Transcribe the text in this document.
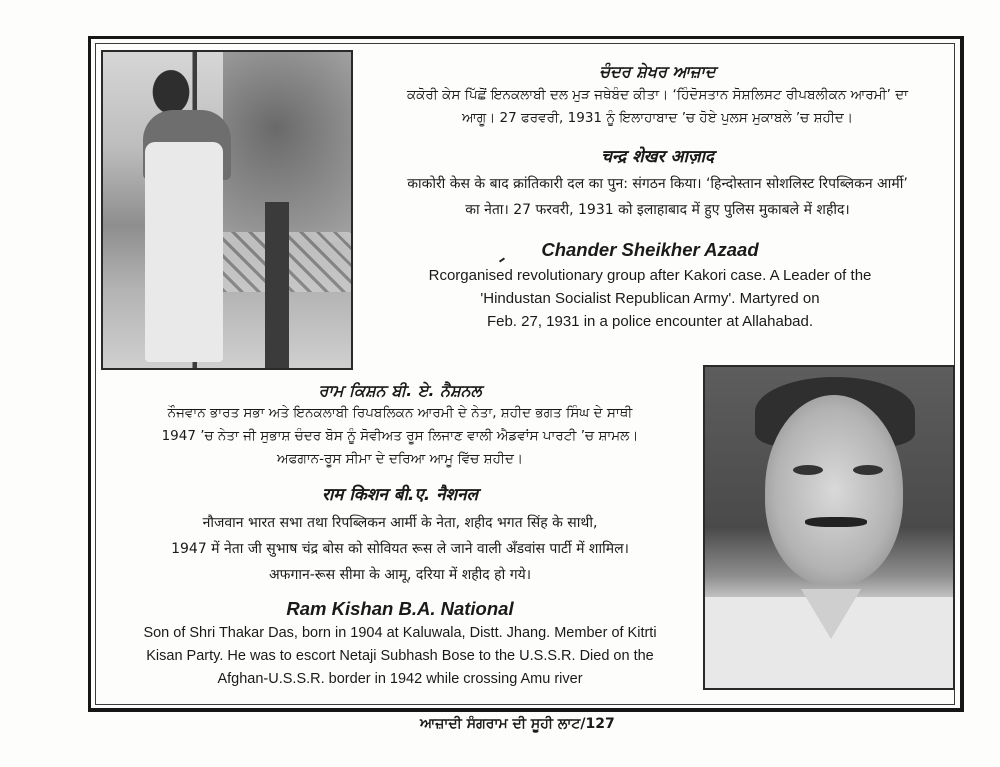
ਚੰਦਰ ਸ਼ੇਖਰ ਆਜ਼ਾਦ
ਕਕੋਰੀ ਕੇਸ ਪਿੱਛੋਂ ਇਨਕਲਾਬੀ ਦਲ ਮੁੜ ਜਥੇਬੰਦ ਕੀਤਾ। ‘ਹਿੰਦੋਸਤਾਨ ਸੋਸ਼ਲਿਸਟ ਰੀਪਬਲੀਕਨ ਆਰਮੀ’ ਦਾ
ਆਗੂ। 27 ਫਰਵਰੀ, 1931 ਨੂੰ ਇਲਾਹਾਬਾਦ ’ਚ ਹੋਏ ਪੁਲਸ ਮੁਕਾਬਲੇ ’ਚ ਸ਼ਹੀਦ।
चन्द्र शेखर आज़ाद
काकोरी केस के बाद क्रांतिकारी दल का पुन: संगठन किया। ‘हिन्दोस्तान सोशलिस्ट रिपब्लिकन आर्मी’
का नेता। 27 फरवरी, 1931 को इलाहाबाद में हुए पुलिस मुकाबले में शहीद।
Chander Sheikher Azaad
Rcorganised revolutionary group after Kakori case. A Leader of the
'Hindustan Socialist Republican Army'. Martyred on
Feb. 27, 1931 in a police encounter at Allahabad.
ਰਾਮ ਕਿਸ਼ਨ ਬੀ. ਏ. ਨੈਸ਼ਨਲ
ਨੌਜਵਾਨ ਭਾਰਤ ਸਭਾ ਅਤੇ ਇਨਕਲਾਬੀ ਰਿਪਬਲਿਕਨ ਆਰਮੀ ਦੇ ਨੇਤਾ, ਸ਼ਹੀਦ ਭਗਤ ਸਿੰਘ ਦੇ ਸਾਥੀ
1947 ’ਚ ਨੇਤਾ ਜੀ ਸੁਭਾਸ਼ ਚੰਦਰ ਬੋਸ ਨੂੰ ਸੋਵੀਅਤ ਰੂਸ ਲਿਜਾਣ ਵਾਲੀ ਐਡਵਾਂਸ ਪਾਰਟੀ ’ਚ ਸ਼ਾਮਲ।
ਅਫਗਾਨ-ਰੂਸ ਸੀਮਾ ਦੇ ਦਰਿਆ ਆਮੂ ਵਿੱਚ ਸ਼ਹੀਦ।
राम किशन बी.ए. नैशनल
नौजवान भारत सभा तथा रिपब्लिकन आर्मी के नेता, शहीद भगत सिंह के साथी,
1947 में नेता जी सुभाष चंद्र बोस को सोवियत रूस ले जाने वाली अँडवांस पार्टी में शामिल।
अफगान-रूस सीमा के आमू, दरिया में शहीद हो गये।
Ram Kishan B.A. National
Son of Shri Thakar Das, born in 1904 at Kaluwala, Distt. Jhang. Member of Kitrti
Kisan Party. He was to escort Netaji Subhash Bose to the U.S.S.R. Died on the
Afghan-U.S.S.R. border in 1942 while crossing Amu river
ਆਜ਼ਾਦੀ ਸੰਗਰਾਮ ਦੀ ਸੂਹੀ ਲਾਟ/127
